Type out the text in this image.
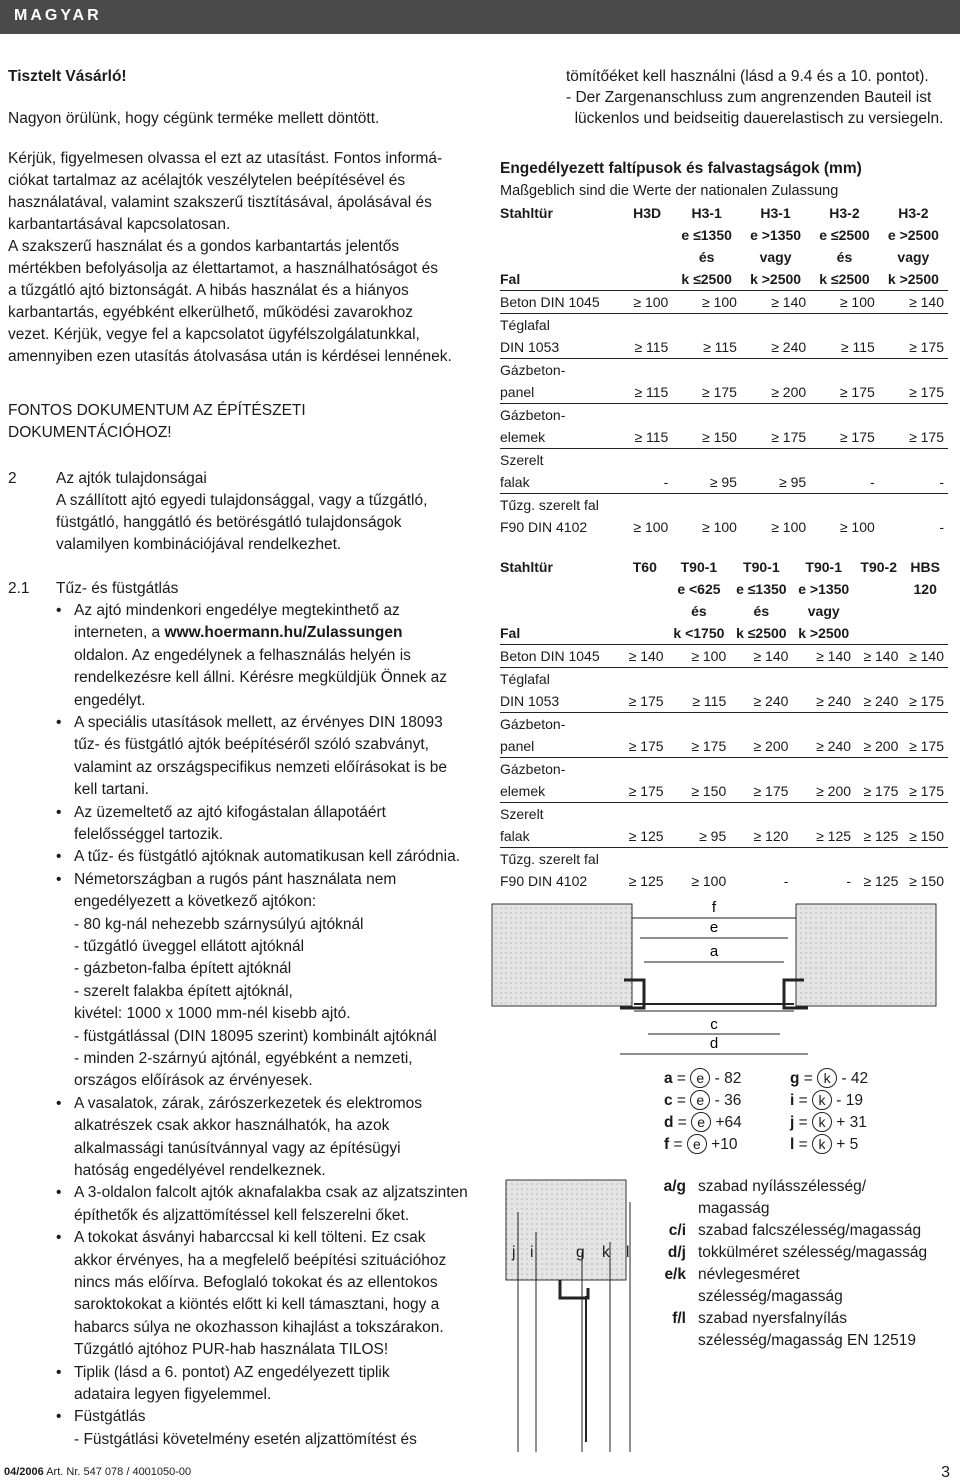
MAGYAR
Tisztelt Vásárló!
Nagyon örülünk, hogy cégünk terméke mellett döntött.
Kérjük, figyelmesen olvassa el ezt az utasítást. Fontos informá-
ciókat tartalmaz az acélajtók veszélytelen beépítésével és
használatával, valamint szakszerű tisztításával, ápolásával és
karbantartásával kapcsolatosan.
A szakszerű használat és a gondos karbantartás jelentős
mértékben befolyásolja az élettartamot, a használhatóságot és
a tűzgátló ajtó biztonságát. A hibás használat és a hiányos
karbantartás, egyébként elkerülhető, működési zavarokhoz
vezet. Kérjük, vegye fel a kapcsolatot ügyfélszolgálatunkkal,
amennyiben ezen utasítás átolvasása után is kérdései lennének.
FONTOS DOKUMENTUM AZ ÉPÍTÉSZETI
DOKUMENTÁCIÓHOZ!
2	Az ajtók tulajdonságai
A szállított ajtó egyedi tulajdonsággal, vagy a tűzgátló,
füstgátló, hanggátló és betörésgátló tulajdonságok
valamilyen kombinációjával rendelkezhet.
2.1 Tűz- és füstgátlás
• Az ajtó mindenkori engedélye megtekinthető az
interneten, a www.hoermann.hu/Zulassungen
oldalon. Az engedélynek a felhasználás helyén is
rendelkezésre kell állni. Kérésre megküldjük Önnek az
engedélyt.
• A speciális utasítások mellett, az érvényes DIN 18093
tűz- és füstgátló ajtók beépítéséről szóló szabványt,
valamint az országspecifikus nemzeti előírásokat is be
kell tartani.
• Az üzemeltető az ajtó kifogástalan állapotáért
felelősséggel tartozik.
• A tűz- és füstgátló ajtóknak automatikusan kell záródnia.
• Németországban a rugós pánt használata nem
engedélyezett a következő ajtókon:
- 80 kg-nál nehezebb szárnysúlyú ajtóknál
- tűzgátló üveggel ellátott ajtóknál
- gázbeton-falba épített ajtóknál
- szerelt falakba épített ajtóknál,
kivétel: 1000 x 1000 mm-nél kisebb ajtó.
- füstgátlással (DIN 18095 szerint) kombinált ajtóknál
- minden 2-szárnyú ajtónál, egyébként a nemzeti,
országos előírások az érvényesek.
• A vasalatok, zárak, zárószerkezetek és elektromos
alkatrészek csak akkor használhatók, ha azok
alkalmassági tanúsítvánnyal vagy az építésügyi
hatóság engedélyével rendelkeznek.
• A 3-oldalon falcolt ajtók aknafalakba csak az aljzatszinten
építhetők és aljzattömítéssel kell felszerelni őket.
• A tokokat ásványi habarccsal ki kell tölteni. Ez csak
akkor érvényes, ha a megfelelő beépítési szituációhoz
nincs más előírva. Befoglaló tokokat és az ellentokos
saroktokokat a kiöntés előtt ki kell támasztani, hogy a
habarcs súlya ne okozhasson kihajlást a tokszárakon.
Tűzgátló ajtóhoz PUR-hab használata TILOS!
• Tiplik (lásd a 6. pontot) AZ engedélyezett tiplik
adataira legyen figyelemmel.
• Füstgátlás
- Füstgátlási követelmény esetén aljzattömítést és
tömítőéket kell használni (lásd a 9.4 és a 10. pontot).
- Der Zargenanschluss zum angrenzenden Bauteil ist
lückenlos und beidseitig dauerelastisch zu versiegeln.
Engedélyezett faltípusok és falvastagságok (mm)
Maßgeblich sind die Werte der nationalen Zulassung
Stahltür	H3D	H3-1	H3-1	H3-2	H3-2
		e ≤1350	e >1350	e ≤2500	e >2500
		és	vagy	és	vagy
Fal		k ≤2500	k >2500	k ≤2500	k >2500
Beton DIN 1045	≥ 100	≥ 100	≥ 140	≥ 100	≥ 140
Téglafal					
DIN 1053	≥ 115	≥ 115	≥ 240	≥ 115	≥ 175
Gázbeton-					
panel	≥ 115	≥ 175	≥ 200	≥ 175	≥ 175
Gázbeton-					
elemek	≥ 115	≥ 150	≥ 175	≥ 175	≥ 175
Szerelt					
falak	-	≥ 95	≥ 95	-	-
Tűzg. szerelt fal					
F90 DIN 4102	≥ 100	≥ 100	≥ 100	≥ 100	-
Stahltür	T60	T90-1	T90-1	T90-1	T90-2	HBS
		e <625	e ≤1350	e >1350		120
		és	és	vagy		
Fal		k <1750	k ≤2500	k >2500		
Beton DIN 1045	≥ 140	≥ 100	≥ 140	≥ 140	≥ 140	≥ 140
Téglafal						
DIN 1053	≥ 175	≥ 115	≥ 240	≥ 240	≥ 240	≥ 175
Gázbeton-						
panel	≥ 175	≥ 175	≥ 200	≥ 240	≥ 200	≥ 175
Gázbeton-						
elemek	≥ 175	≥ 150	≥ 175	≥ 200	≥ 175	≥ 175
Szerelt						
falak	≥ 125	≥ 95	≥ 120	≥ 125	≥ 125	≥ 150
Tűzg. szerelt fal						
F90 DIN 4102	≥ 125	≥ 100	-	-	≥ 125	≥ 150
f
e
a
c
d
a = e - 82	g = k - 42
c = e - 36	i = k - 19
d = e +64	j = k + 31
f = e +10	l = k + 5
j i	g k l
a/g szabad nyílásszélesség/
magasság
c/i szabad falcszélesség/magasság
d/j tokkülméret szélesség/magasság
e/k névlegesméret
szélesség/magasság
f/l szabad nyersfalnyílás
szélesség/magasság EN 12519
04/2006 Art. Nr. 547 078 / 4001050-00	3
